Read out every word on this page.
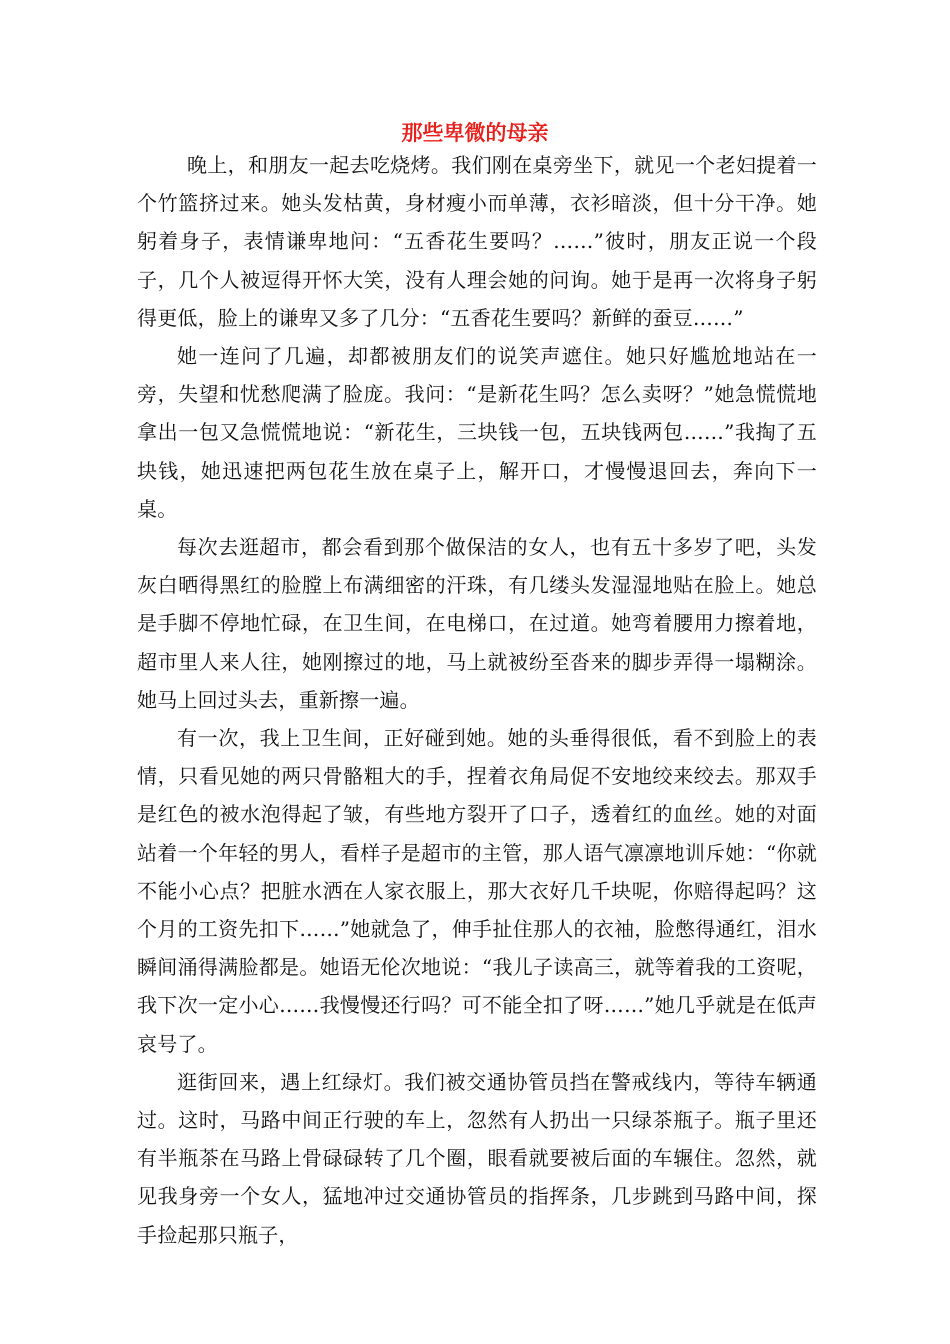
那些卑微的母亲

晚上，和朋友一起去吃烧烤。我们刚在桌旁坐下，就见一个老妇提着一个竹篮挤过来。她头发枯黄，身材瘦小而单薄，衣衫暗淡，但十分干净。她躬着身子，表情谦卑地问：“五香花生要吗？……”彼时，朋友正说一个段子，几个人被逗得开怀大笑，没有人理会她的问询。她于是再一次将身子躬得更低，脸上的谦卑又多了几分：“五香花生要吗？新鲜的蚕豆……”

她一连问了几遍，却都被朋友们的说笑声遮住。她只好尴尬地站在一旁，失望和忧愁爬满了脸庞。我问：“是新花生吗？怎么卖呀？”她急慌慌地拿出一包又急慌慌地说：“新花生，三块钱一包，五块钱两包……”我掏了五块钱，她迅速把两包花生放在桌子上，解开口，才慢慢退回去，奔向下一桌。

每次去逛超市，都会看到那个做保洁的女人，也有五十多岁了吧，头发灰白晒得黑红的脸膛上布满细密的汗珠，有几缕头发湿湿地贴在脸上。她总是手脚不停地忙碌，在卫生间，在电梯口，在过道。她弯着腰用力擦着地，超市里人来人往，她刚擦过的地，马上就被纷至沓来的脚步弄得一塌糊涂。她马上回过头去，重新擦一遍。

有一次，我上卫生间，正好碰到她。她的头垂得很低，看不到脸上的表情，只看见她的两只骨骼粗大的手，捏着衣角局促不安地绞来绞去。那双手是红色的被水泡得起了皱，有些地方裂开了口子，透着红的血丝。她的对面站着一个年轻的男人，看样子是超市的主管，那人语气凛凛地训斥她：“你就不能小心点？把脏水洒在人家衣服上，那大衣好几千块呢，你赔得起吗？这个月的工资先扣下……”她就急了，伸手扯住那人的衣袖，脸憋得通红，泪水瞬间涌得满脸都是。她语无伦次地说：“我儿子读高三，就等着我的工资呢，我下次一定小心……我慢慢还行吗？可不能全扣了呀……”她几乎就是在低声哀号了。

逛街回来，遇上红绿灯。我们被交通协管员挡在警戒线内，等待车辆通过。这时，马路中间正行驶的车上，忽然有人扔出一只绿茶瓶子。瓶子里还有半瓶茶在马路上骨碌碌转了几个圈，眼看就要被后面的车辗住。忽然，就见我身旁一个女人，猛地冲过交通协管员的指挥条，几步跳到马路中间，探手捡起那只瓶子，
